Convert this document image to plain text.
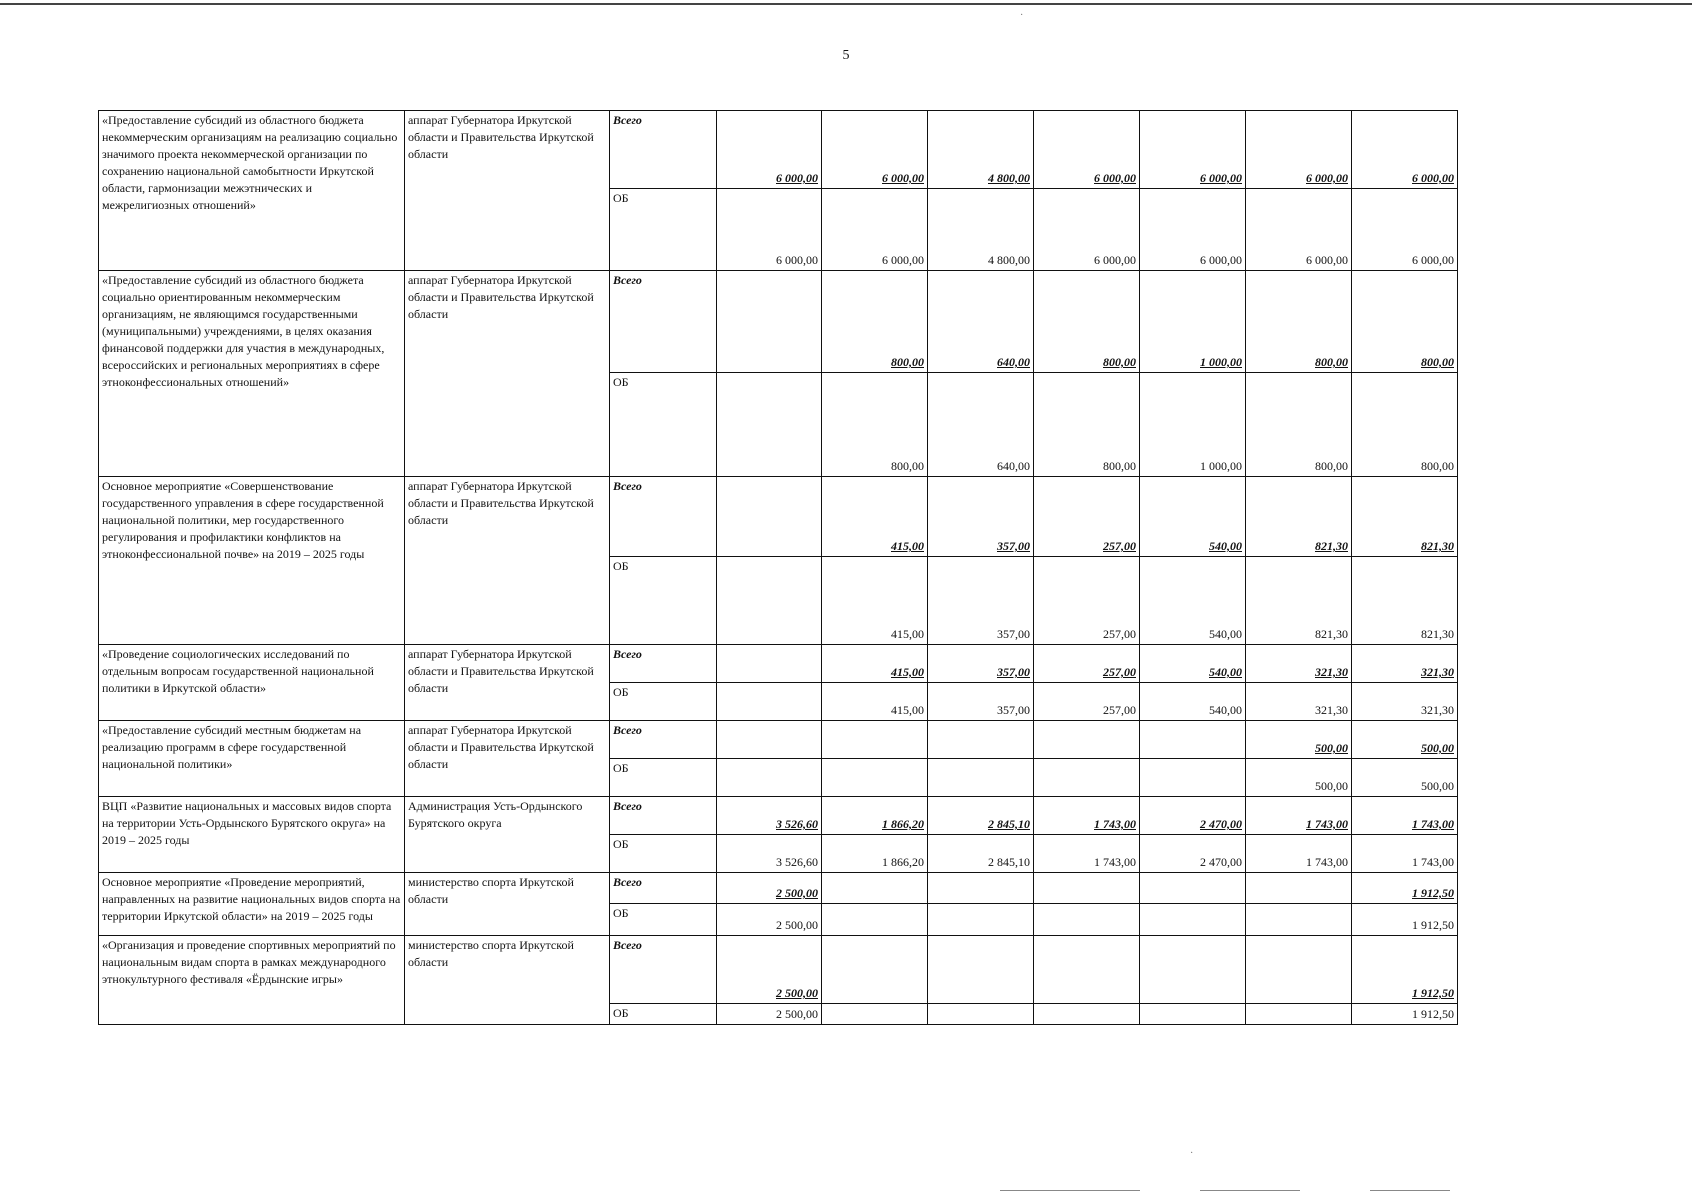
5
«Предоставление субсидий из областного бюджета некоммерческим организациям на реализацию социально значимого проекта некоммерческой организации по сохранению национальной самобытности Иркутской области, гармонизации межэтнических и межрелигиозных отношений»	аппарат Губернатора Иркутской области и Правительства Иркутской области	Всего	6 000,00	6 000,00	4 800,00	6 000,00	6 000,00	6 000,00	6 000,00
		ОБ	6 000,00	6 000,00	4 800,00	6 000,00	6 000,00	6 000,00	6 000,00
«Предоставление субсидий из областного бюджета социально ориентированным некоммерческим организациям, не являющимся государственными (муниципальными) учреждениями, в целях оказания финансовой поддержки для участия в международных, всероссийских и региональных мероприятиях в сфере этноконфессиональных отношений»	аппарат Губернатора Иркутской области и Правительства Иркутской области	Всего		800,00	640,00	800,00	1 000,00	800,00	800,00
		ОБ		800,00	640,00	800,00	1 000,00	800,00	800,00
Основное мероприятие «Совершенствование государственного управления в сфере государственной национальной политики, мер государственного регулирования и профилактики конфликтов на этноконфессиональной почве» на 2019 – 2025 годы	аппарат Губернатора Иркутской области и Правительства Иркутской области	Всего		415,00	357,00	257,00	540,00	821,30	821,30
		ОБ		415,00	357,00	257,00	540,00	821,30	821,30
«Проведение социологических исследований по отдельным вопросам государственной национальной политики в Иркутской области»	аппарат Губернатора Иркутской области и Правительства Иркутской области	Всего		415,00	357,00	257,00	540,00	321,30	321,30
		ОБ		415,00	357,00	257,00	540,00	321,30	321,30
«Предоставление субсидий местным бюджетам на реализацию программ в сфере государственной национальной политики»	аппарат Губернатора Иркутской области и Правительства Иркутской области	Всего						500,00	500,00
		ОБ						500,00	500,00
ВЦП «Развитие национальных и массовых видов спорта на территории Усть-Ордынского Бурятского округа» на 2019 – 2025 годы	Администрация Усть-Ордынского Бурятского округа	Всего	3 526,60	1 866,20	2 845,10	1 743,00	2 470,00	1 743,00	1 743,00
		ОБ	3 526,60	1 866,20	2 845,10	1 743,00	2 470,00	1 743,00	1 743,00
Основное мероприятие «Проведение мероприятий, направленных на развитие национальных видов спорта на территории Иркутской области» на 2019 – 2025 годы	министерство спорта Иркутской области	Всего	2 500,00						1 912,50
		ОБ	2 500,00						1 912,50
«Организация и проведение спортивных мероприятий по национальным видам спорта в рамках международного этнокультурного фестиваля «Ёрдынские игры»	министерство спорта Иркутской области	Всего	2 500,00						1 912,50
		ОБ	2 500,00						1 912,50
·
·
